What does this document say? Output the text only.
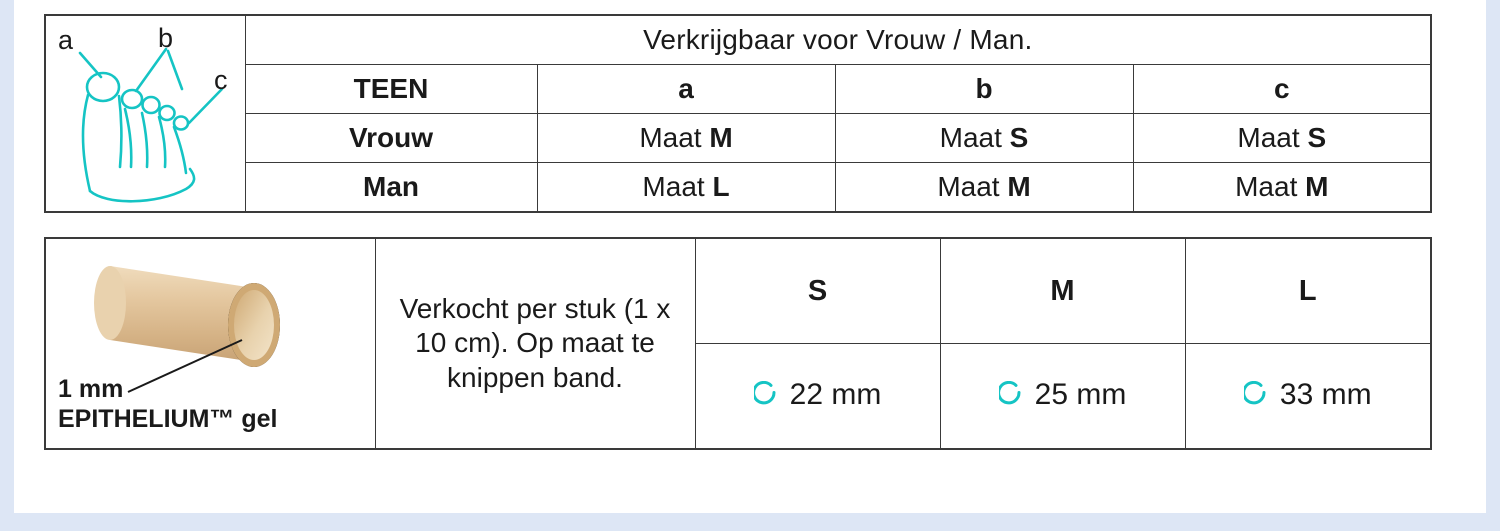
a b
c	Verkrijgbaar voor Vrouw / Man.			
	TEEN	a	b	c
	Vrouw	Maat M	Maat S	Maat S
	Man	Maat L	Maat M	Maat M
1 mm
EPITHELIUM™ gel	Verkocht per stuk (1 x 10 cm). Op maat te knippen band.	S	M	L
		22 mm	25 mm	33 mm
